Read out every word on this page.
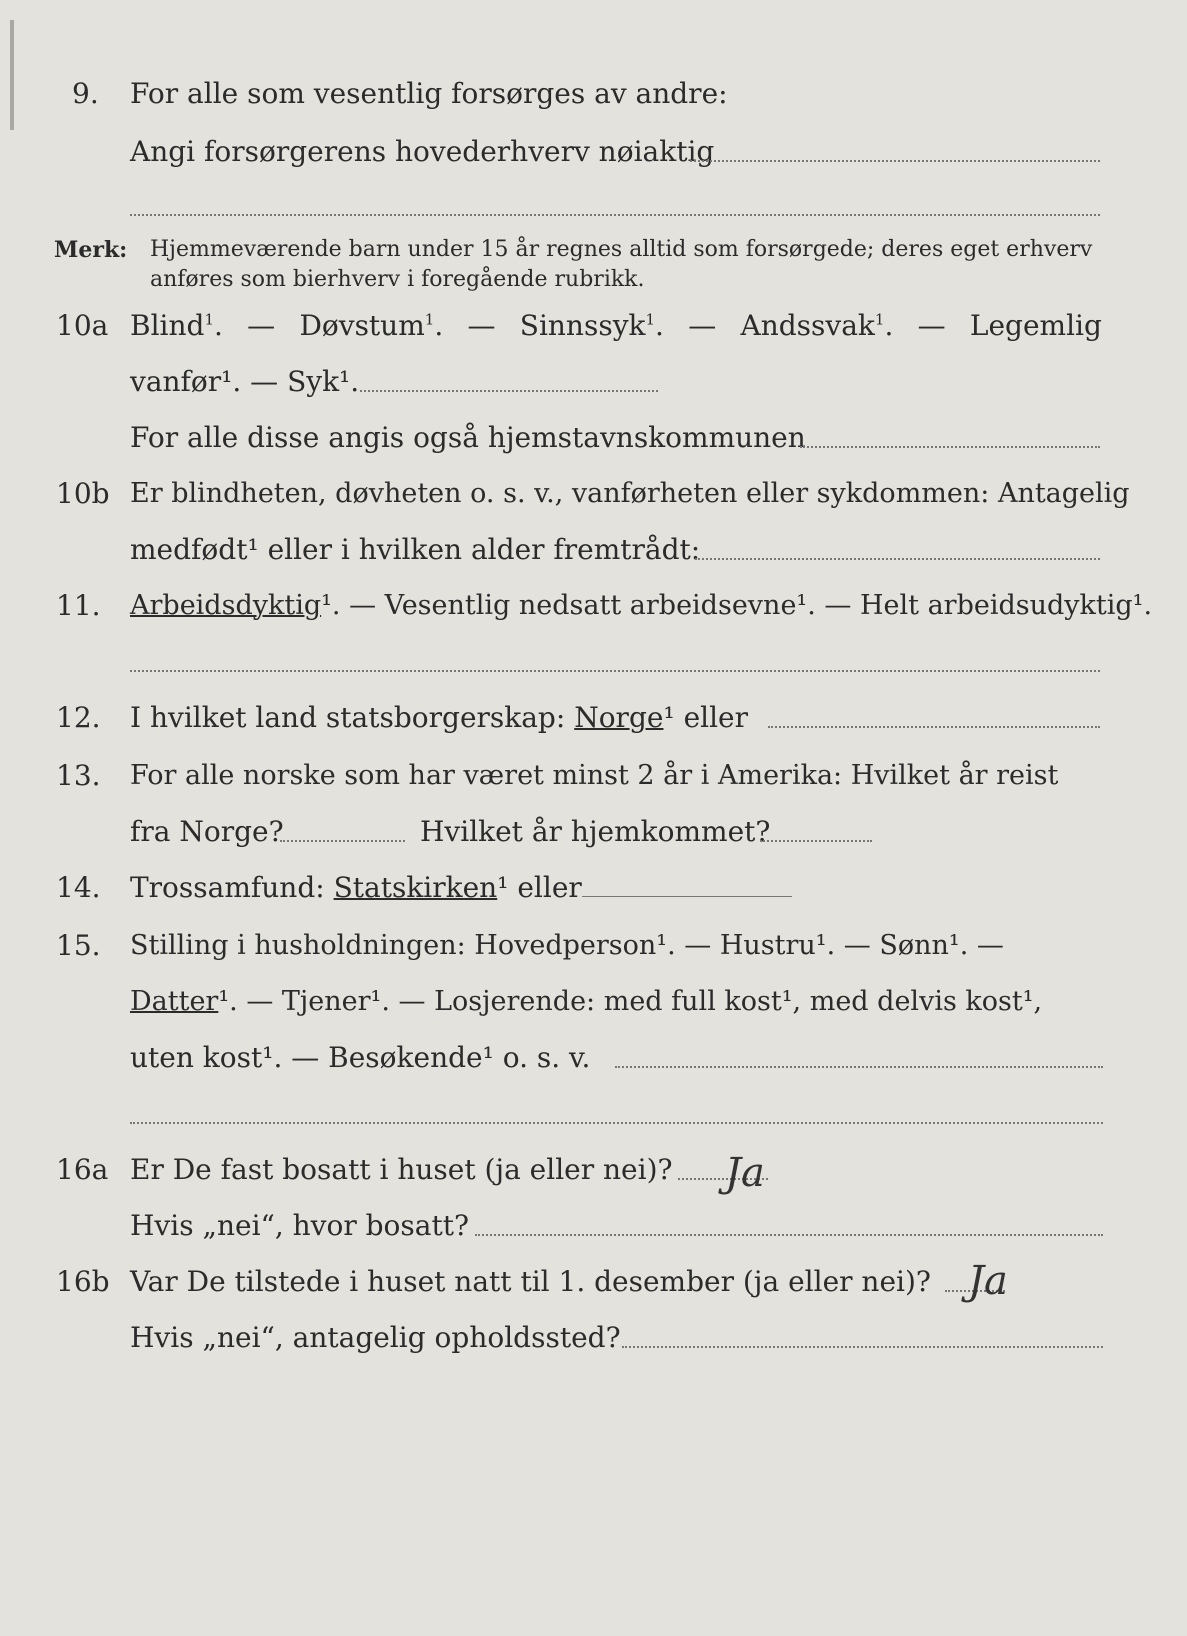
9. For alle som vesentlig forsørges av andre:
Angi forsørgerens hovederhverv nøiaktig
Merk: Hjemmeværende barn under 15 år regnes alltid som forsørgede; deres eget erhverv
anføres som bierhverv i foregående rubrikk.
10a Blind$^1$. — Døvstum$^1$. — Sinnssyk$^1$. — Andssvak$^1$. — Legemlig
vanfør¹. — Syk¹.
For alle disse angis også hjemstavnskommunen
10b Er blindheten, døvheten o. s. v., vanførheten eller sykdommen: Antagelig
medfødt¹ eller i hvilken alder fremtrådt:
11. Arbeidsdyktig¹. — Vesentlig nedsatt arbeidsevne¹. — Helt arbeidsudyktig¹.
12. I hvilket land statsborgerskap: Norge¹ eller
13. For alle norske som har været minst 2 år i Amerika: Hvilket år reist
fra Norge?	Hvilket år hjemkommet?
14. Trossamfund: Statskirken¹ eller
15. Stilling i husholdningen: Hovedperson¹. — Hustru¹. — Sønn¹. —
Datter¹. — Tjener¹. — Losjerende: med full kost¹, med delvis kost¹,
uten kost¹. — Besøkende¹ o. s. v.
16a Er De fast bosatt i huset (ja eller nei)? Ja
Hvis „nei“, hvor bosatt?
16b Var De tilstede i huset natt til 1. desember (ja eller nei)? Ja
Hvis „nei“, antagelig opholdssted?
